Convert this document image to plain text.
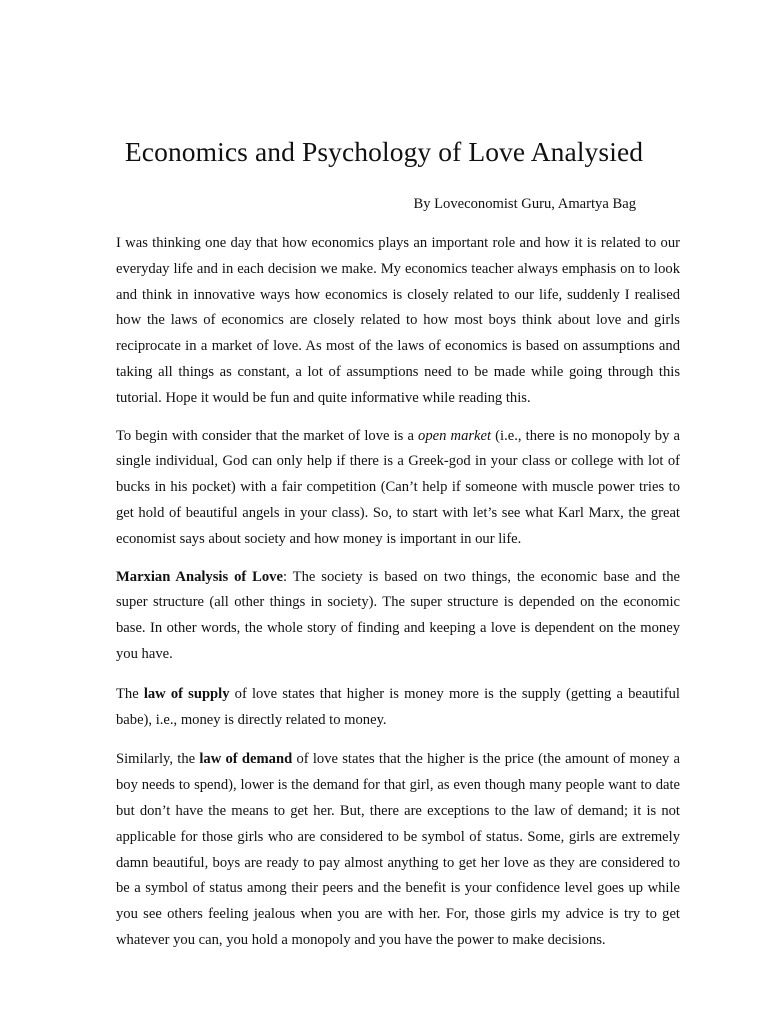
Economics and Psychology of Love Analysied

By Loveconomist Guru, Amartya Bag

I was thinking one day that how economics plays an important role and how it is related to our everyday life and in each decision we make. My economics teacher always emphasis on to look and think in innovative ways how economics is closely related to our life, suddenly I realised how the laws of economics are closely related to how most boys think about love and girls reciprocate in a market of love. As most of the laws of economics is based on assumptions and taking all things as constant, a lot of assumptions need to be made while going through this tutorial. Hope it would be fun and quite informative while reading this.

To begin with consider that the market of love is a open market (i.e., there is no monopoly by a single individual, God can only help if there is a Greek-god in your class or college with lot of bucks in his pocket) with a fair competition (Can’t help if someone with muscle power tries to get hold of beautiful angels in your class). So, to start with let’s see what Karl Marx, the great economist says about society and how money is important in our life.

Marxian Analysis of Love: The society is based on two things, the economic base and the super structure (all other things in society). The super structure is depended on the economic base. In other words, the whole story of finding and keeping a love is dependent on the money you have.

The law of supply of love states that higher is money more is the supply (getting a beautiful babe), i.e., money is directly related to money.

Similarly, the law of demand of love states that the higher is the price (the amount of money a boy needs to spend), lower is the demand for that girl, as even though many people want to date but don’t have the means to get her. But, there are exceptions to the law of demand; it is not applicable for those girls who are considered to be symbol of status. Some, girls are extremely damn beautiful, boys are ready to pay almost anything to get her love as they are considered to be a symbol of status among their peers and the benefit is your confidence level goes up while you see others feeling jealous when you are with her. For, those girls my advice is try to get whatever you can, you hold a monopoly and you have the power to make decisions.
